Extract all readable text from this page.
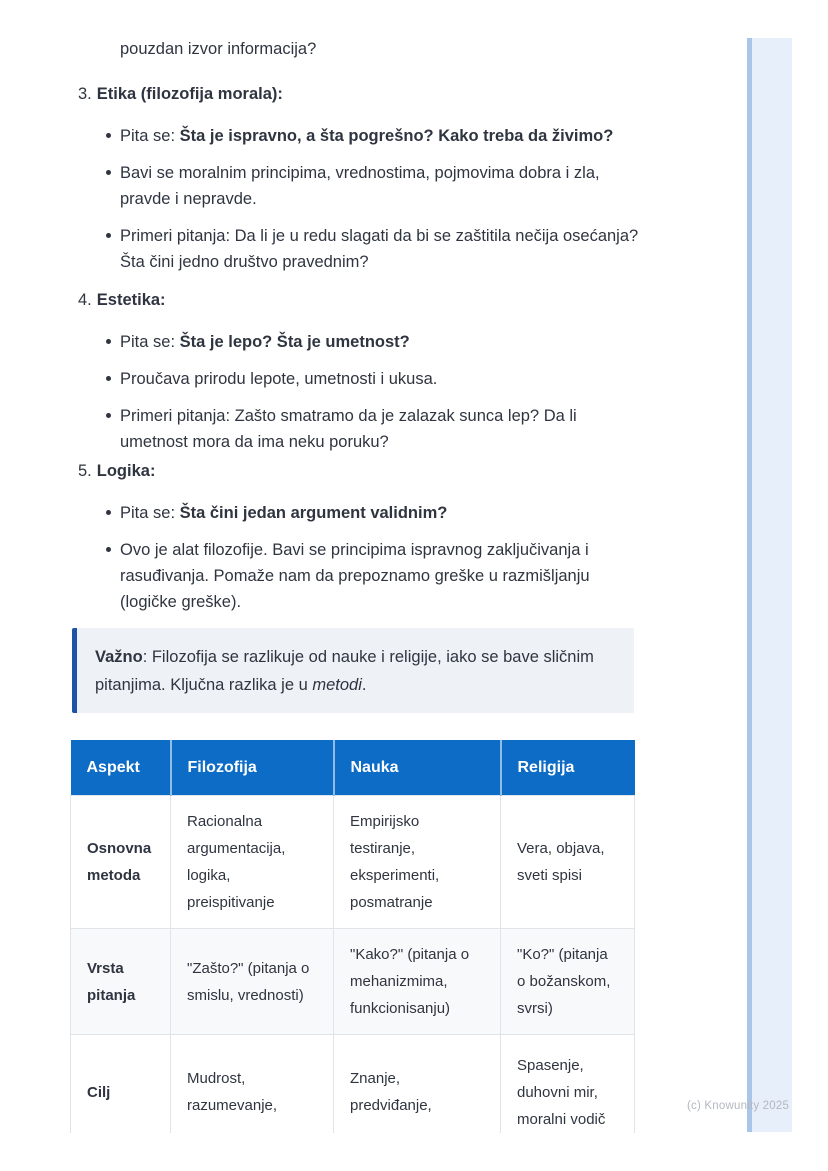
pouzdan izvor informacija?

3. Etika (filozofija morala):
Pita se: Šta je ispravno, a šta pogrešno? Kako treba da živimo?
Bavi se moralnim principima, vrednostima, pojmovima dobra i zla, pravde i nepravde.
Primeri pitanja: Da li je u redu slagati da bi se zaštitila nečija osećanja? Šta čini jedno društvo pravednim?
4. Estetika:
Pita se: Šta je lepo? Šta je umetnost?
Proučava prirodu lepote, umetnosti i ukusa.
Primeri pitanja: Zašto smatramo da je zalazak sunca lep? Da li umetnost mora da ima neku poruku?
5. Logika:
Pita se: Šta čini jedan argument validnim?
Ovo je alat filozofije. Bavi se principima ispravnog zaključivanja i rasuđivanja. Pomaže nam da prepoznamo greške u razmišljanju (logičke greške).

Važno: Filozofija se razlikuje od nauke i religije, iako se bave sličnim pitanjima. Ključna razlika je u metodi.

Aspekt	Filozofija	Nauka	Religija
Osnovna metoda	Racionalna argumentacija, logika, preispitivanje	Empirijsko testiranje, eksperimenti, posmatranje	Vera, objava, sveti spisi
Vrsta pitanja	"Zašto?" (pitanja o smislu, vrednosti)	"Kako?" (pitanja o mehanizmima, funkcionisanju)	"Ko?" (pitanja o božanskom, svrsi)
Cilj	Mudrost, razumevanje,	Znanje, predviđanje,	Spasenje, duhovni mir, moralni vodič
(c) Knowunity 2025
